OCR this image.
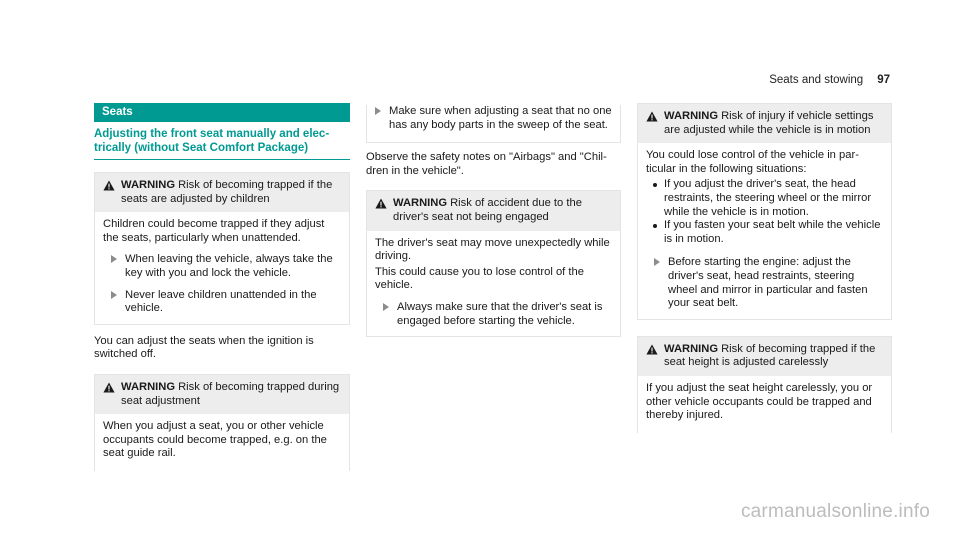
Seats and stowing 97
Seats
Adjusting the front seat manually and electrically (without Seat Comfort Package)
WARNING Risk of becoming trapped if the seats are adjusted by children

Children could become trapped if they adjust the seats, particularly when unattended.

When leaving the vehicle, always take the key with you and lock the vehicle.
Never leave children unattended in the vehicle.

You can adjust the seats when the ignition is switched off.

WARNING Risk of becoming trapped during seat adjustment

When you adjust a seat, you or other vehicle occupants could become trapped, e.g. on the seat guide rail.

Make sure when adjusting a seat that no one has any body parts in the sweep of the seat.

Observe the safety notes on "Airbags" and "Children in the vehicle".

WARNING Risk of accident due to the driver's seat not being engaged

The driver's seat may move unexpectedly while driving.

This could cause you to lose control of the vehicle.

Always make sure that the driver's seat is engaged before starting the vehicle.
WARNING Risk of injury if vehicle settings are adjusted while the vehicle is in motion

You could lose control of the vehicle in particular in the following situations:

If you adjust the driver's seat, the head restraints, the steering wheel or the mirror while the vehicle is in motion.
If you fasten your seat belt while the vehicle is in motion.
Before starting the engine: adjust the driver's seat, head restraints, steering wheel and mirror in particular and fasten your seat belt.
WARNING Risk of becoming trapped if the seat height is adjusted carelessly

If you adjust the seat height carelessly, you or other vehicle occupants could be trapped and thereby injured.

carmanualsonline.info
